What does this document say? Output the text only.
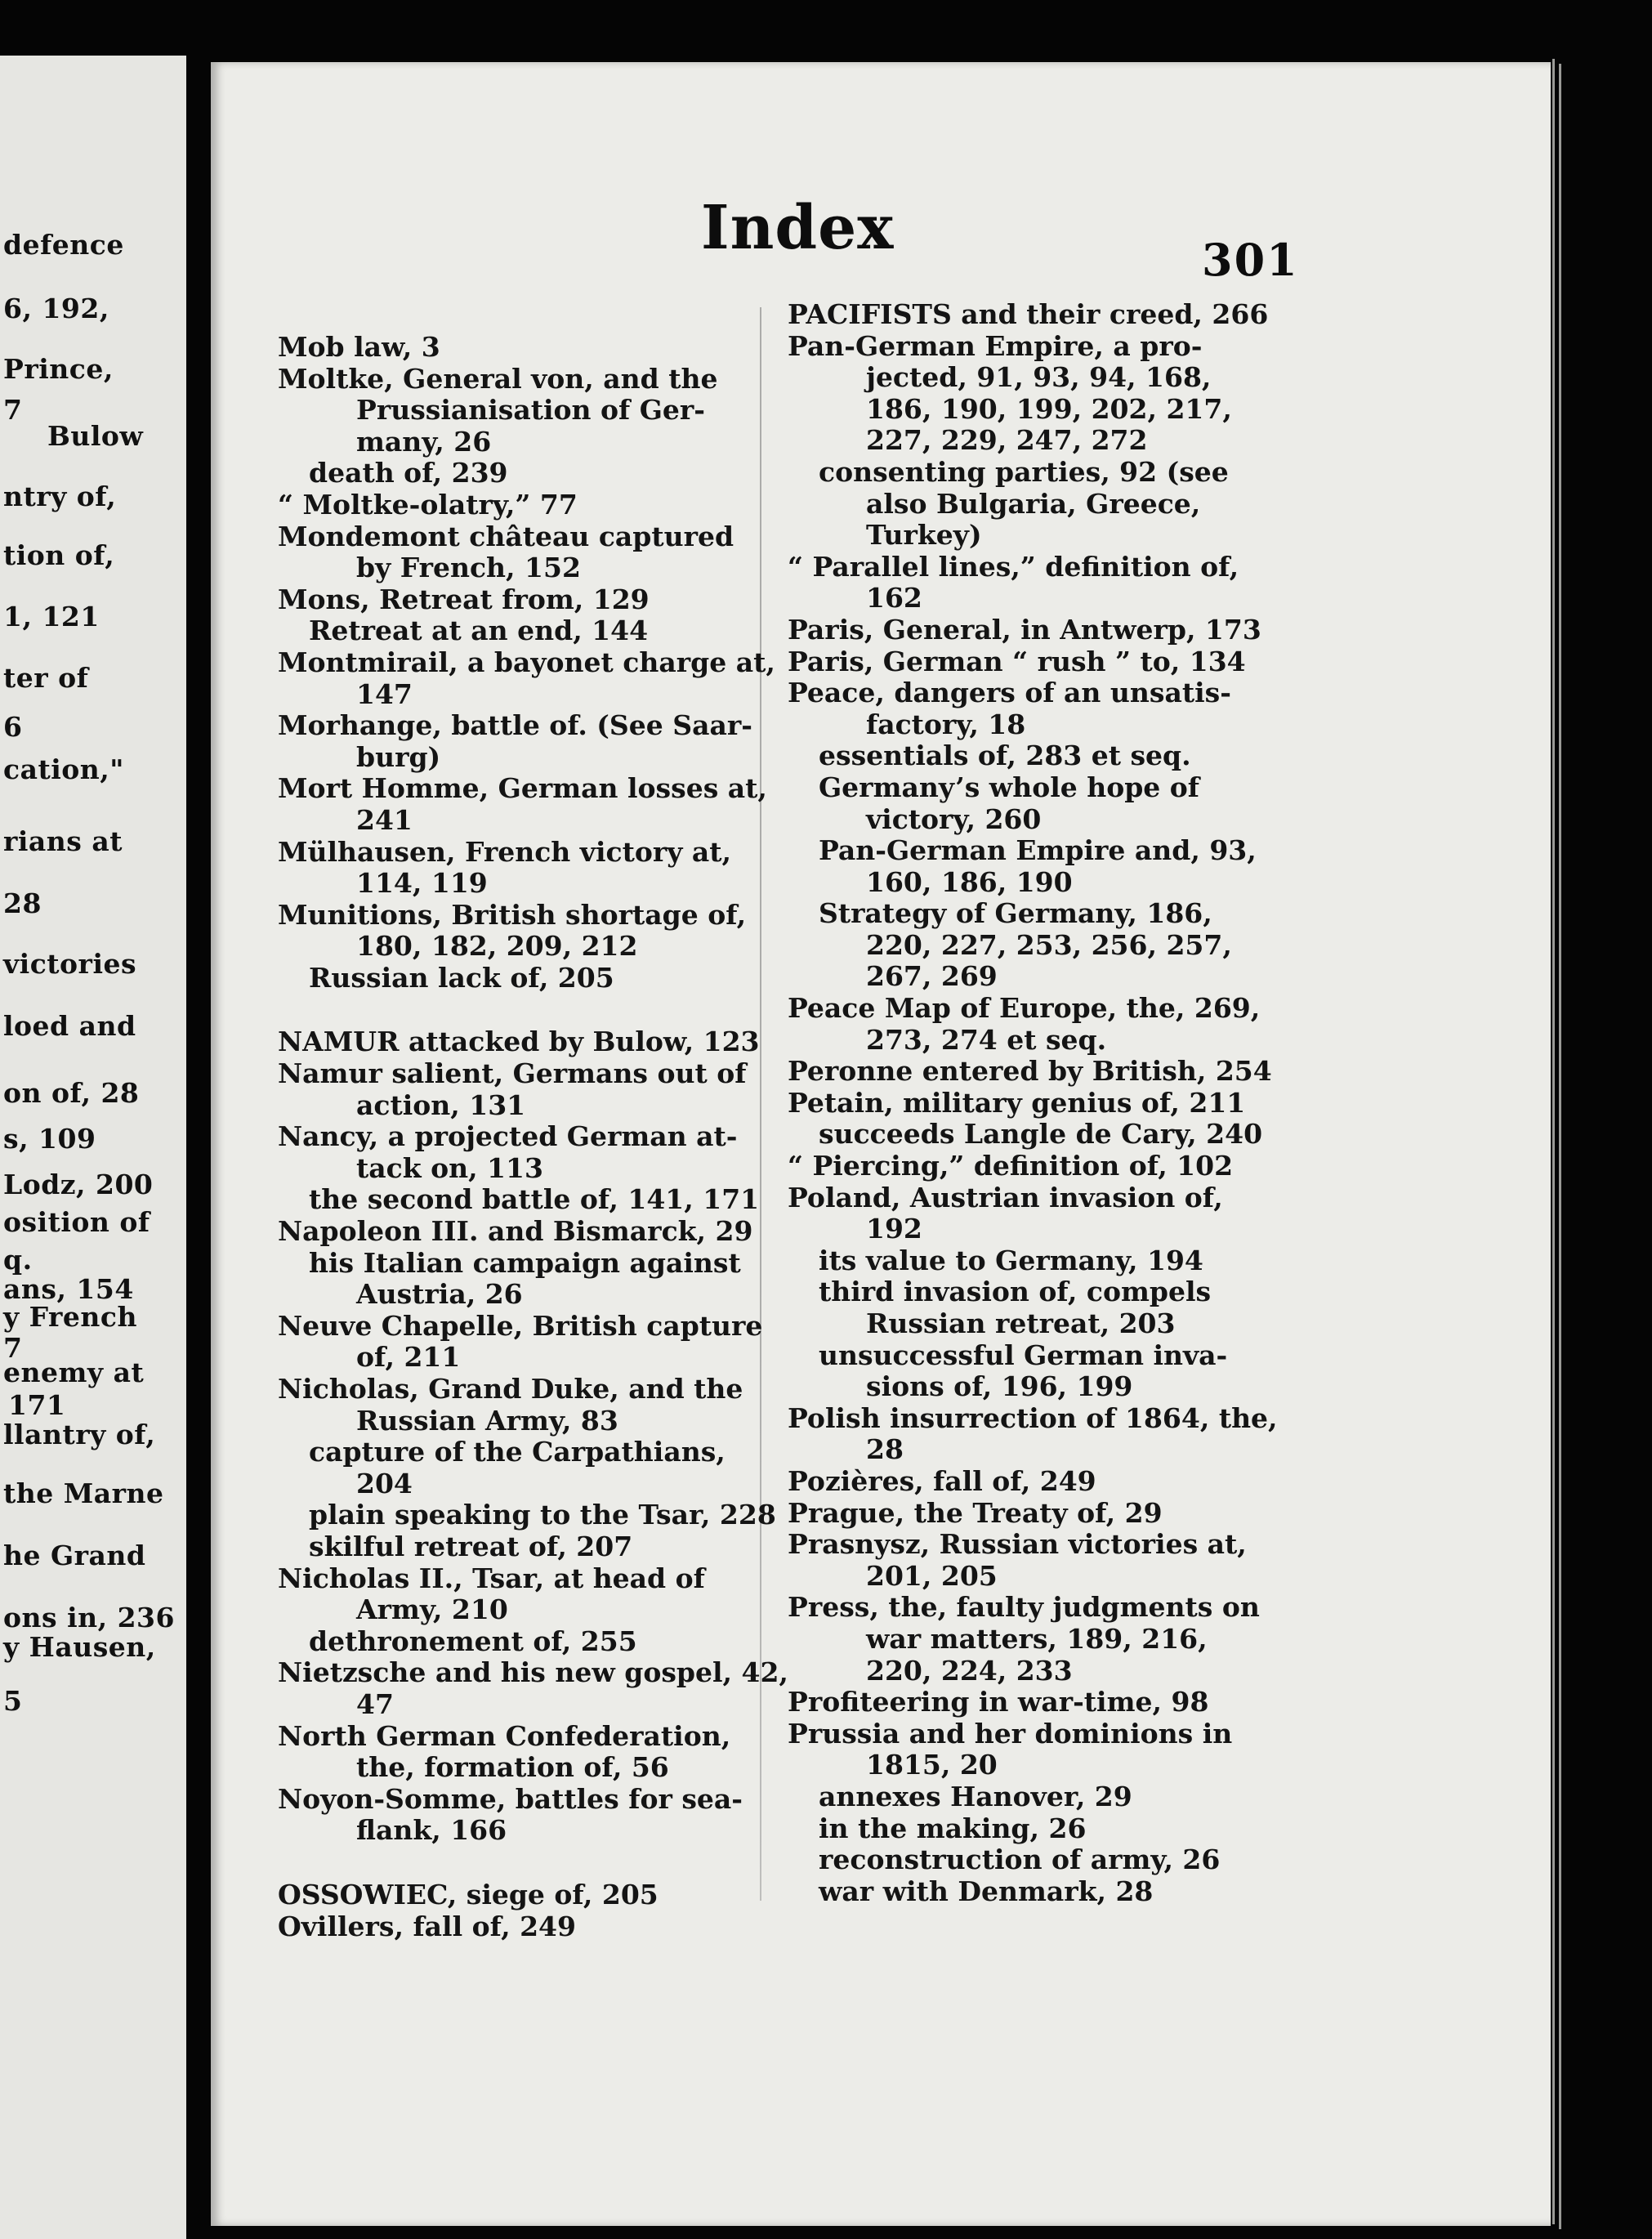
defence
6, 192,
Prince,
7
Bulow
ntry of,
tion of,
1, 121
ter of
6
cation,"
rians at
28
victories
loed and
on of, 28
s, 109
Lodz, 200
osition of
q.
ans, 154
y French
7
enemy at
171
llantry of,
the Marne
he Grand
ons in, 236
y Hausen,
5
Index	301
Mob law, 3
Moltke, General von, and the
Prussianisation of Ger-
many, 26
death of, 239
“ Moltke-olatry,” 77
Mondemont château captured
by French, 152
Mons, Retreat from, 129
Retreat at an end, 144
Montmirail, a bayonet charge at,
147
Morhange, battle of. (See Saar-
burg)
Mort Homme, German losses at,
241
Mülhausen, French victory at,
114, 119
Munitions, British shortage of,
180, 182, 209, 212
Russian lack of, 205
NAMUR attacked by Bulow, 123
Namur salient, Germans out of
action, 131
Nancy, a projected German at-
tack on, 113
the second battle of, 141, 171
Napoleon III. and Bismarck, 29
his Italian campaign against
Austria, 26
Neuve Chapelle, British capture
of, 211
Nicholas, Grand Duke, and the
Russian Army, 83
capture of the Carpathians,
204
plain speaking to the Tsar, 228
skilful retreat of, 207
Nicholas II., Tsar, at head of
Army, 210
dethronement of, 255
Nietzsche and his new gospel, 42,
47
North German Confederation,
the, formation of, 56
Noyon-Somme, battles for sea-
flank, 166
OSSOWIEC, siege of, 205
Ovillers, fall of, 249
PACIFISTS and their creed, 266
Pan-German Empire, a pro-
jected, 91, 93, 94, 168,
186, 190, 199, 202, 217,
227, 229, 247, 272
consenting parties, 92 (see
also Bulgaria, Greece,
Turkey)
“ Parallel lines,” definition of,
162
Paris, General, in Antwerp, 173
Paris, German “ rush ” to, 134
Peace, dangers of an unsatis-
factory, 18
essentials of, 283 et seq.
Germany’s whole hope of
victory, 260
Pan-German Empire and, 93,
160, 186, 190
Strategy of Germany, 186,
220, 227, 253, 256, 257,
267, 269
Peace Map of Europe, the, 269,
273, 274 et seq.
Peronne entered by British, 254
Petain, military genius of, 211
succeeds Langle de Cary, 240
“ Piercing,” definition of, 102
Poland, Austrian invasion of,
192
its value to Germany, 194
third invasion of, compels
Russian retreat, 203
unsuccessful German inva-
sions of, 196, 199
Polish insurrection of 1864, the,
28
Pozières, fall of, 249
Prague, the Treaty of, 29
Prasnysz, Russian victories at,
201, 205
Press, the, faulty judgments on
war matters, 189, 216,
220, 224, 233
Profiteering in war-time, 98
Prussia and her dominions in
1815, 20
annexes Hanover, 29
in the making, 26
reconstruction of army, 26
war with Denmark, 28
